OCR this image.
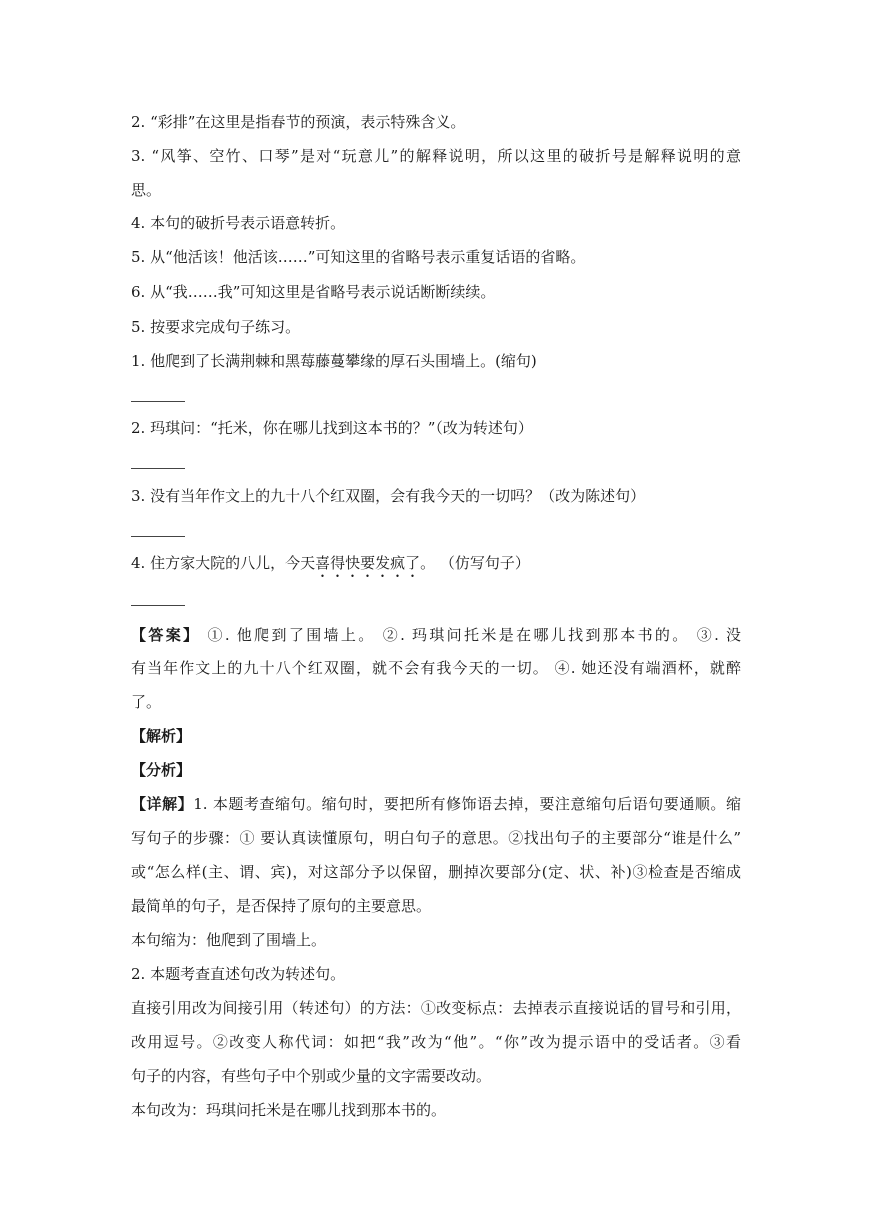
2. “彩排”在这里是指春节的预演，表示特殊含义。
3. “风筝、空竹、口琴”是对“玩意儿”的解释说明，所以这里的破折号是解释说明的意
思。
4. 本句的破折号表示语意转折。
5. 从“他活该！他活该……”可知这里的省略号表示重复话语的省略。
6. 从“我……我”可知这里是省略号表示说话断断续续。
5. 按要求完成句子练习。
1. 他爬到了长满荆棘和黑莓藤蔓攀缘的厚石头围墙上。(缩句)
2. 玛琪问：“托米，你在哪儿找到这本书的？”（改为转述句）
3. 没有当年作文上的九十八个红双圈，会有我今天的一切吗？（改为陈述句）
4. 住方家大院的八儿，今天喜得快要发疯了。 （仿写句子）
【答案】 ①. 他爬到了围墙上。 ②. 玛琪问托米是在哪儿找到那本书的。 ③. 没
有当年作文上的九十八个红双圈，就不会有我今天的一切。 ④. 她还没有端酒杯，就醉
了。
【解析】
【分析】
【详解】1. 本题考查缩句。缩句时，要把所有修饰语去掉，要注意缩句后语句要通顺。缩
写句子的步骤：① 要认真读懂原句，明白句子的意思。②找出句子的主要部分“谁是什么”
或“怎么样(主、谓、宾)，对这部分予以保留，删掉次要部分(定、状、补)③检查是否缩成
最简单的句子，是否保持了原句的主要意思。
本句缩为：他爬到了围墙上。
2. 本题考查直述句改为转述句。
直接引用改为间接引用（转述句）的方法：①改变标点：去掉表示直接说话的冒号和引用，
改用逗号。②改变人称代词：如把“我”改为“他”。“你”改为提示语中的受话者。③看
句子的内容，有些句子中个别或少量的文字需要改动。
本句改为：玛琪问托米是在哪儿找到那本书的。
